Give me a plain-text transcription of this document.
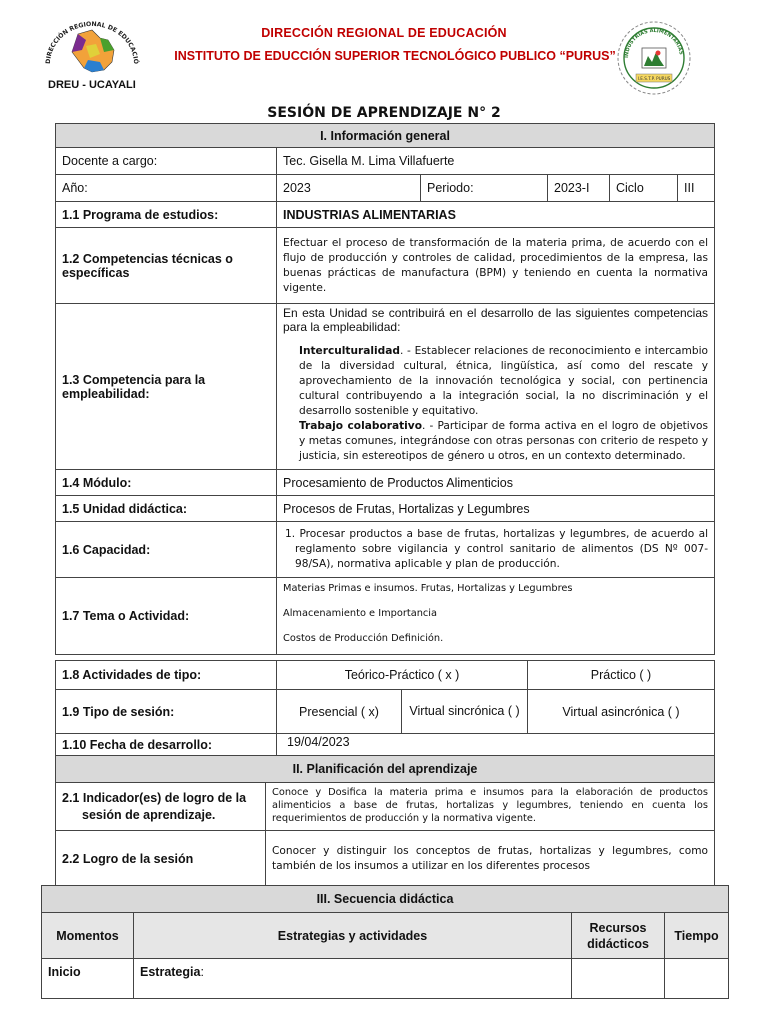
DIRECCIÓN REGIONAL DE EDUCACIÓN
INSTITUTO DE EDUCCIÓN SUPERIOR TECNOLÓGICO PUBLICO “PURUS”
DIRECCIÓN REGIONAL DE EDUCACIÓ
DREU - UCAYALI
INDUSTRIAS ALIMENTARIAS
I.E.S.T.P. PURUS
SESIÓN DE APRENDIZAJE N° 2
I. Información general					
Docente a cargo:	Tec. Gisella M. Lima Villafuerte				
Año:	2023	Periodo:	2023-I	Ciclo	III
1.1 Programa de estudios:	INDUSTRIAS ALIMENTARIAS				
1.2 Competencias técnicas o específicas	Efectuar el proceso de transformación de la materia prima, de acuerdo con el flujo de producción y controles de calidad, procedimientos de la empresa, las buenas prácticas de manufactura (BPM) y teniendo en cuenta la normativa vigente.				
1.3 Competencia para la empleabilidad:	En esta Unidad se contribuirá en el desarrollo de las siguientes competencias para la empleabilidad:

Interculturalidad. - Establecer relaciones de reconocimiento e intercambio de la diversidad cultural, étnica, lingüística, así como del rescate y aprovechamiento de la innovación tecnológica y social, con pertinencia cultural contribuyendo a la integración social, la no discriminación y el desarrollo sostenible y equitativo.

Trabajo colaborativo. - Participar de forma activa en el logro de objetivos y metas comunes, integrándose con otras personas con criterio de respeto y justicia, sin estereotipos de género u otros, en un contexto determinado.				

1.4 Módulo:	Procesamiento de Productos Alimenticios				
1.5 Unidad didáctica:	Procesos de Frutas, Hortalizas y Legumbres				
1.6 Capacidad:	1. Procesar productos a base de frutas, hortalizas y legumbres, de acuerdo al reglamento sobre vigilancia y control sanitario de alimentos (DS Nº 007-98/SA), normativa aplicable y plan de producción.				
1.7 Tema o Actividad:	Materias Primas e insumos. Frutas, Hortalizas y Legumbres

Almacenamiento e Importancia

Costos de Producción Definición.				

1.8 Actividades de tipo:	Teórico-Práctico ( x )		Práctico ( )
1.9 Tipo de sesión:	Presencial ( x)	Virtual sincrónica ( )	Virtual asincrónica ( )
1.10 Fecha de desarrollo:	19/04/2023		
II. Planificación del aprendizaje	

2.1 Indicador(es) de logro de la sesión de aprendizaje.	Conoce y Dosifica la materia prima e insumos para la elaboración de productos alimenticios a base de frutas, hortalizas y legumbres, teniendo en cuenta los requerimientos de producción y la normativa vigente.

2.2 Logro de la sesión	Conocer y distinguir los conceptos de frutas, hortalizas y legumbres, como también de los insumos a utilizar en los diferentes procesos
III. Secuencia didáctica			
Momentos	Estrategias y actividades	Recursos didácticos	Tiempo
Inicio	Estrategia:		
